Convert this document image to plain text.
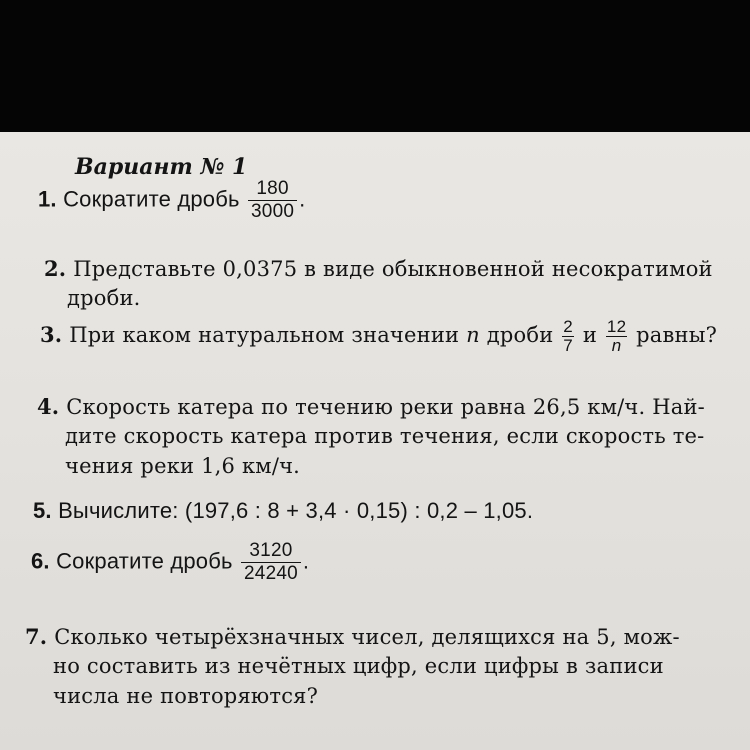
Вариант № 1
1. Сократите дробь $\frac{180}{3000}$ .
2. Представьте 0,0375 в виде обыкновенной несократимой
дроби.
3. При каком натуральном значении n дроби $\frac{2}{7}$ и $\frac{12}{n}$ равны?
4. Скорость катера по течению реки равна 26,5 км/ч. Най-
дите скорость катера против течения, если скорость те-
чения реки 1,6 км/ч.
5. Вычислите: (197,6 : 8 + 3,4 · 0,15) : 0,2 – 1,05.
6. Сократите дробь $\frac{3120}{24240}$ .
7. Сколько четырёхзначных чисел, делящихся на 5, мож-
но составить из нечётных цифр, если цифры в записи
числа не повторяются?
